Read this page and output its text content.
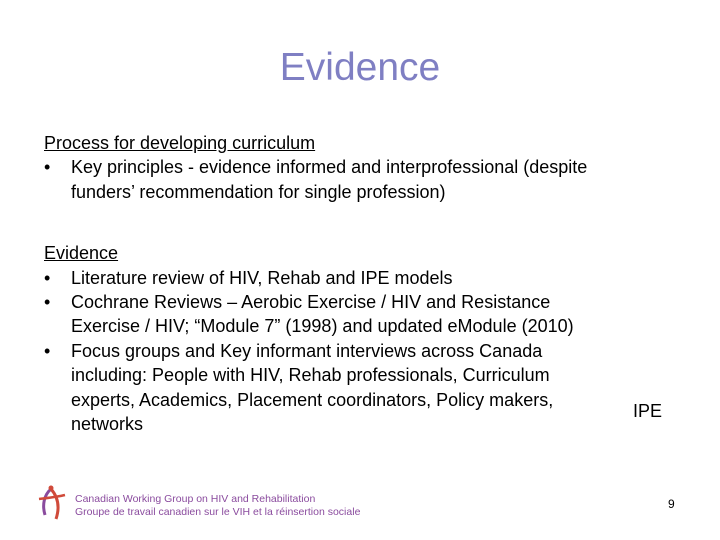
Evidence
Process for developing curriculum
•	Key principles - evidence informed and interprofessional (despite
funders’ recommendation for single profession)
Evidence
•	Literature review of HIV, Rehab and IPE models
•	Cochrane Reviews – Aerobic Exercise / HIV and Resistance
Exercise / HIV; “Module 7” (1998) and updated eModule (2010)
•	Focus groups and Key informant interviews across Canada
including: People with HIV, Rehab professionals, Curriculum
experts, Academics, Placement coordinators, Policy makers,
networks
IPE
Canadian Working Group on HIV and Rehabilitation
Groupe de travail canadien sur le VIH et la réinsertion sociale
9
